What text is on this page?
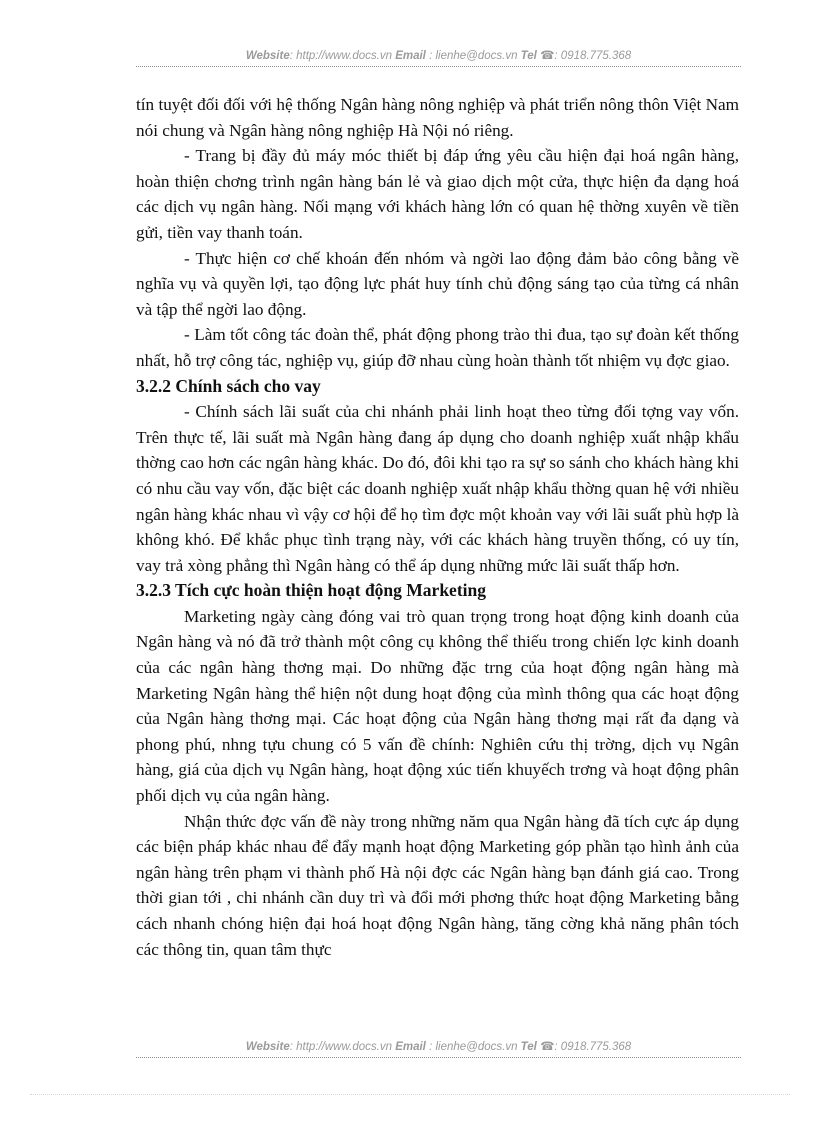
Website: http://www.docs.vn Email : lienhe@docs.vn Tel ☎: 0918.775.368

tín tuyệt đối đối với hệ thống Ngân hàng nông nghiệp và phát triển nông thôn Việt Nam nói chung và Ngân hàng nông nghiệp Hà Nội nó riêng.

- Trang bị đầy đủ máy móc thiết bị đáp ứng yêu cầu hiện đại hoá ngân hàng, hoàn thiện chơng trình ngân hàng bán lẻ và giao dịch một cửa, thực hiện đa dạng hoá các dịch vụ ngân hàng. Nối mạng với khách hàng lớn có quan hệ thờng xuyên về tiền gửi, tiền vay thanh toán.

- Thực hiện cơ chế khoán đến nhóm và ngời lao động đảm bảo công bằng về nghĩa vụ và quyền lợi, tạo động lực phát huy tính chủ động sáng tạo của từng cá nhân và tập thể ngời lao động.

- Làm tốt công tác đoàn thể, phát động phong trào thi đua, tạo sự đoàn kết thống nhất, hỗ trợ công tác, nghiệp vụ, giúp đỡ nhau cùng hoàn thành tốt nhiệm vụ đợc giao.

3.2.2 Chính sách cho vay

- Chính sách lãi suất của chi nhánh phải linh hoạt theo từng đối tợng vay vốn. Trên thực tế, lãi suất mà Ngân hàng đang áp dụng cho doanh nghiệp xuất nhập khẩu thờng cao hơn các ngân hàng khác. Do đó, đôi khi tạo ra sự so sánh cho khách hàng khi có nhu cầu vay vốn, đặc biệt các doanh nghiệp xuất nhập khẩu thờng quan hệ với nhiều ngân hàng khác nhau vì vậy cơ hội để họ tìm đợc một khoản vay với lãi suất phù hợp là không khó. Để khắc phục tình trạng này, với các khách hàng truyền thống, có uy tín, vay trả xòng phẳng thì Ngân hàng có thể áp dụng những mức lãi suất thấp hơn.

3.2.3 Tích cực hoàn thiện hoạt động Marketing

Marketing ngày càng đóng vai trò quan trọng trong hoạt động kinh doanh của Ngân hàng và nó đã trở thành một công cụ không thể thiếu trong chiến lợc kinh doanh của các ngân hàng thơng mại. Do những đặc trng của hoạt động ngân hàng mà Marketing Ngân hàng thể hiện nột dung hoạt động của mình thông qua các hoạt động của Ngân hàng thơng mại. Các hoạt động của Ngân hàng thơng mại rất đa dạng và phong phú, nhng tựu chung có 5 vấn đề chính: Nghiên cứu thị trờng, dịch vụ Ngân hàng, giá của dịch vụ Ngân hàng, hoạt động xúc tiến khuyếch trơng và hoạt động phân phối dịch vụ của ngân hàng.

Nhận thức đợc vấn đề này trong những năm qua Ngân hàng đã tích cực áp dụng các biện pháp khác nhau để đẩy mạnh hoạt động Marketing góp phần tạo hình ảnh của ngân hàng trên phạm vi thành phố Hà nội đợc các Ngân hàng bạn đánh giá cao. Trong thời gian tới , chi nhánh cần duy trì và đổi mới phơng thức hoạt động Marketing bằng cách nhanh chóng hiện đại hoá hoạt động Ngân hàng, tăng cờng khả năng phân tóch các thông tin, quan tâm thực

Website: http://www.docs.vn Email : lienhe@docs.vn Tel ☎: 0918.775.368
